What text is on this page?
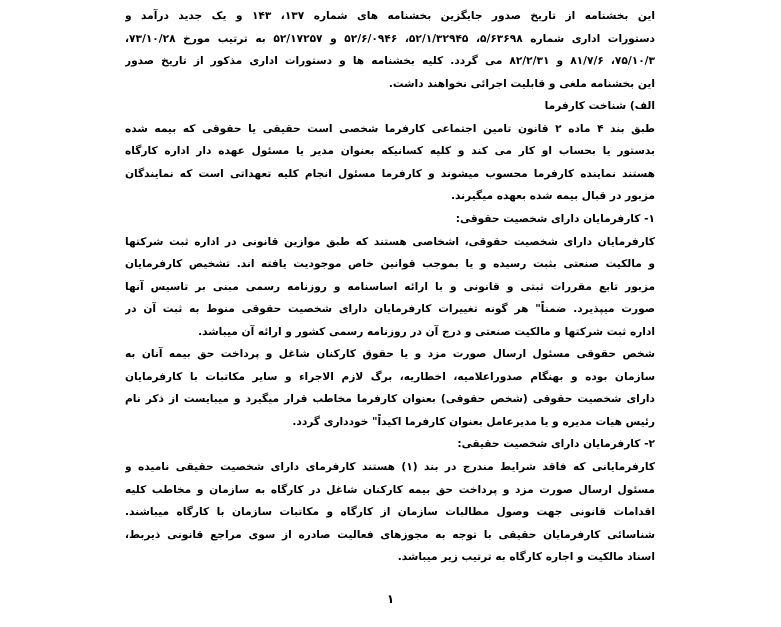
این بخشنامه از تاریخ صدور جایگزین بخشنامه های شماره ۱۳۷، ۱۴۳ و یک جدید درآمد و
دستورات اداری شماره ۵/۶۳۶۹۸، ۵۲/۱/۳۲۹۴۵، ۵۲/۶/۰۹۴۶ و ۵۲/۱۷۲۵۷ به ترتیب مورخ ۷۳/۱۰/۲۸،
۷۵/۱۰/۳، ۸۱/۷/۶ و ۸۲/۲/۳۱ می گردد. کلیه بخشنامه ها و دستورات اداری مذکور از تاریخ صدور
این بخشنامه ملغی و قابلیت اجرائی نخواهند داشت.
الف) شناخت کارفرما
طبق بند ۴ ماده ۲ قانون تامین اجتماعی کارفرما شخصی است حقیقی یا حقوقی که بیمه شده
بدستور یا بحساب او کار می کند و کلیه کسانیکه بعنوان مدیر یا مسئول عهده دار اداره کارگاه
هستند نماینده کارفرما محسوب میشوند و کارفرما مسئول انجام کلیه تعهداتی است که نمایندگان
مزبور در قبال بیمه شده بعهده میگیرند.
۱- کارفرمایان دارای شخصیت حقوقی:
کارفرمایان دارای شخصیت حقوقی، اشخاصی هستند که طبق موازین قانونی در اداره ثبت شرکتها
و مالکیت صنعتی بثبت رسیده و یا بموجب قوانین خاص موجودیت یافته اند. تشخیص کارفرمایان
مزبور تابع مقررات ثبتی و قانونی و با ارائه اساسنامه و روزنامه رسمی مبنی بر تاسیس آنها
صورت میپذیرد. ضمناً" هر گونه تغییرات کارفرمایان دارای شخصیت حقوقی منوط به ثبت آن در
اداره ثبت شرکتها و مالکیت صنعتی و درج آن در روزنامه رسمی کشور و ارائه آن میباشد.
شخص حقوقی مسئول ارسال صورت مزد و یا حقوق کارکنان شاغل و پرداخت حق بیمه آنان به
سازمان بوده و بهنگام صدوراعلامیه، اخطاریه، برگ لازم الاجراء و سایر مکاتبات با کارفرمایان
دارای شخصیت حقوقی (شخص حقوقی) بعنوان کارفرما مخاطب قرار میگیرد و میبایست از ذکر نام
رئیس هیات مدیره و یا مدیرعامل بعنوان کارفرما اکیداً" خودداری گردد.
۲- کارفرمایان دارای شخصیت حقیقی:
کارفرمایانی که فاقد شرایط مندرج در بند (۱) هستند کارفرمای دارای شخصیت حقیقی نامیده و
مسئول ارسال صورت مزد و پرداخت حق بیمه کارکنان شاغل در کارگاه به سازمان و مخاطب کلیه
اقدامات قانونی جهت وصول مطالبات سازمان از کارگاه و مکاتبات سازمان با کارگاه میباشند.
شناسائی کارفرمایان حقیقی با توجه به مجوزهای فعالیت صادره از سوی مراجع قانونی ذیربط،
اسناد مالکیت و اجاره کارگاه به ترتیب زیر میباشد.
۱
